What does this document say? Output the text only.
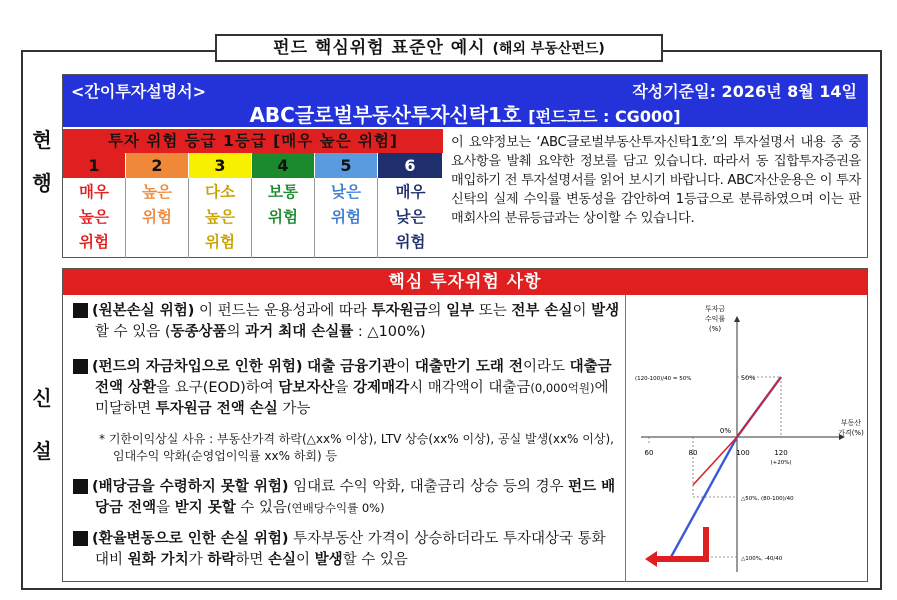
펀드 핵심위험 표준안 예시 (해외 부동산펀드)
현
행
신
설
<간이투자설명서>	작성기준일: 2026년 8월 14일
ABC글로벌부동산투자신탁1호 [펀드코드 : CG000]
투자 위험 등급 1등급 [매우 높은 위험]
1
매우
높은
위험
2
높은
위험
3
다소
높은
위험
4
보통
위험
5
낮은
위험
6
매우
낮은
위험
이 요약정보는 ‘ABC글로벌부동산투자신탁1호’의 투자설명서 내용 중 중요사항을 발췌 요약한 정보를 담고 있습니다. 따라서 동 집합투자증권을 매입하기 전 투자설명서를 읽어 보시기 바랍니다. ABC자산운용은 이 투자신탁의 실제 수익률 변동성을 감안하여 1등급으로 분류하였으며 이는 판매회사의 분류등급과는 상이할 수 있습니다.
핵심 투자위험 사항
1 (원본손실 위험) 이 펀드는 운용성과에 따라 투자원금의 일부 또는 전부 손실이 발생할 수 있음 (동종상품의 과거 최대 손실률 : △100%)
2 (펀드의 자금차입으로 인한 위험) 대출 금융기관이 대출만기 도래 전이라도 대출금 전액 상환을 요구(EOD)하여 담보자산을 강제매각시 매각액이 대출금(0,000억원)에 미달하면 투자원금 전액 손실 가능
* 기한이익상실 사유 : 부동산가격 하락(△xx% 이상), LTV 상승(xx% 이상), 공실 발생(xx% 이상), 임대수익 악화(순영업이익률 xx% 하회) 등
3 (배당금을 수령하지 못할 위험) 임대료 수익 악화, 대출금리 상승 등의 경우 펀드 배당금 전액을 받지 못할 수 있음(연배당수익률 0%)
4 (환율변동으로 인한 손실 위험) 투자부동산 가격이 상승하더라도 투자대상국 통화 대비 원화 가치가 하락하면 손실이 발생할 수 있음
투자금
수익률
(%)
부동산
가격(%)
60	80	100	120
(+20%)
0%
(120-100)/40 = 50%	50%
△50%, (80-100)/40
△100%, -40/40
